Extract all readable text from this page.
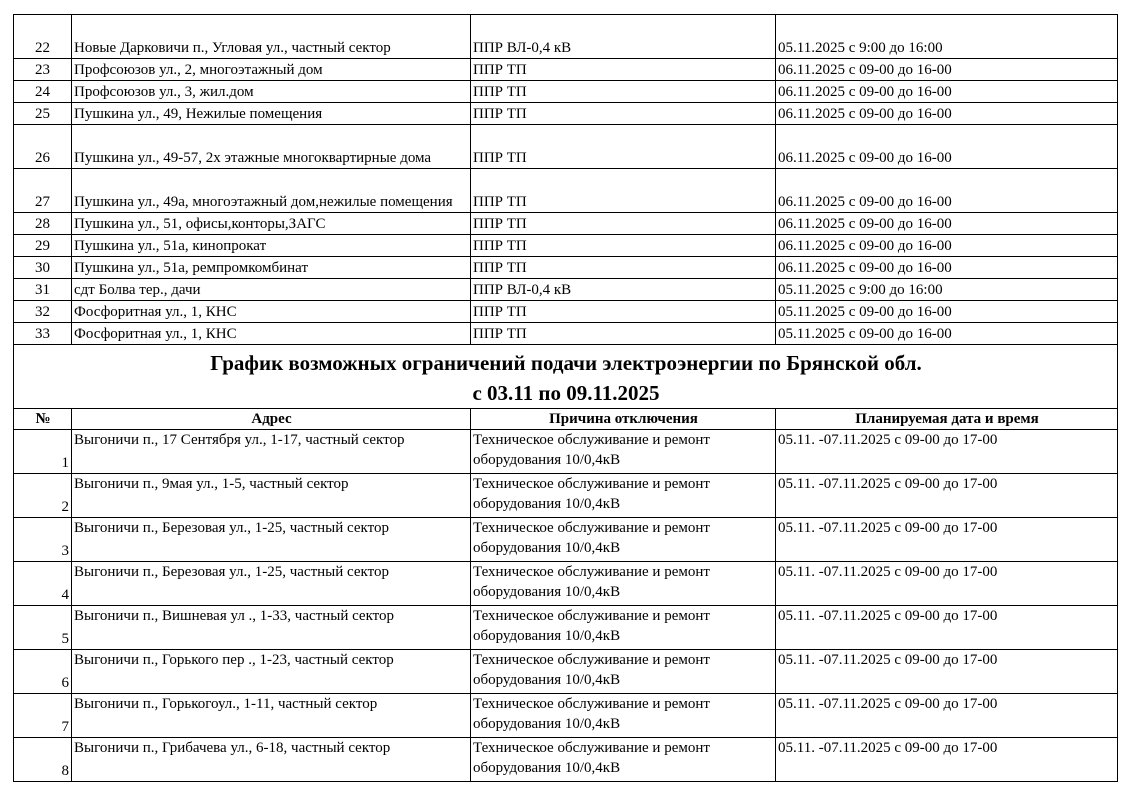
22	Новые Дарковичи п., Угловая ул., частный сектор	ППР ВЛ-0,4 кВ	05.11.2025 с 9:00 до 16:00
23	Профсоюзов ул., 2, многоэтажный дом	ППР ТП	06.11.2025 с 09-00 до 16-00
24	Профсоюзов ул., 3, жил.дом	ППР ТП	06.11.2025 с 09-00 до 16-00
25	Пушкина ул., 49, Нежилые помещения	ППР ТП	06.11.2025 с 09-00 до 16-00
26	Пушкина ул., 49-57, 2х этажные многоквартирные дома	ППР ТП	06.11.2025 с 09-00 до 16-00
27	Пушкина ул., 49а, многоэтажный дом,нежилые помещения	ППР ТП	06.11.2025 с 09-00 до 16-00
28	Пушкина ул., 51, офисы,конторы,ЗАГС	ППР ТП	06.11.2025 с 09-00 до 16-00
29	Пушкина ул., 51а, кинопрокат	ППР ТП	06.11.2025 с 09-00 до 16-00
30	Пушкина ул., 51а, ремпромкомбинат	ППР ТП	06.11.2025 с 09-00 до 16-00
31	сдт Болва тер., дачи	ППР ВЛ-0,4 кВ	05.11.2025 с 9:00 до 16:00
32	Фосфоритная ул., 1, КНС	ППР ТП	05.11.2025 с 09-00 до 16-00
33	Фосфоритная ул., 1, КНС	ППР ТП	05.11.2025 с 09-00 до 16-00

График возможных ограничений подачи электроэнергии по Брянской обл.
с 03.11 по 09.11.2025			

№	Адрес	Причина отключения	Планируемая дата и время
1	Выгоничи п., 17 Сентября ул., 1-17, частный сектор	Техническое обслуживание и ремонт оборудования 10/0,4кВ	05.11. -07.11.2025 с 09-00 до 17-00
2	Выгоничи п., 9мая ул., 1-5, частный сектор	Техническое обслуживание и ремонт оборудования 10/0,4кВ	05.11. -07.11.2025 с 09-00 до 17-00
3	Выгоничи п., Березовая ул., 1-25, частный сектор	Техническое обслуживание и ремонт оборудования 10/0,4кВ	05.11. -07.11.2025 с 09-00 до 17-00
4	Выгоничи п., Березовая ул., 1-25, частный сектор	Техническое обслуживание и ремонт оборудования 10/0,4кВ	05.11. -07.11.2025 с 09-00 до 17-00
5	Выгоничи п., Вишневая ул ., 1-33, частный сектор	Техническое обслуживание и ремонт оборудования 10/0,4кВ	05.11. -07.11.2025 с 09-00 до 17-00
6	Выгоничи п., Горького пер ., 1-23, частный сектор	Техническое обслуживание и ремонт оборудования 10/0,4кВ	05.11. -07.11.2025 с 09-00 до 17-00
7	Выгоничи п., Горькогоул., 1-11, частный сектор	Техническое обслуживание и ремонт оборудования 10/0,4кВ	05.11. -07.11.2025 с 09-00 до 17-00
8	Выгоничи п., Грибачева ул., 6-18, частный сектор	Техническое обслуживание и ремонт оборудования 10/0,4кВ	05.11. -07.11.2025 с 09-00 до 17-00
